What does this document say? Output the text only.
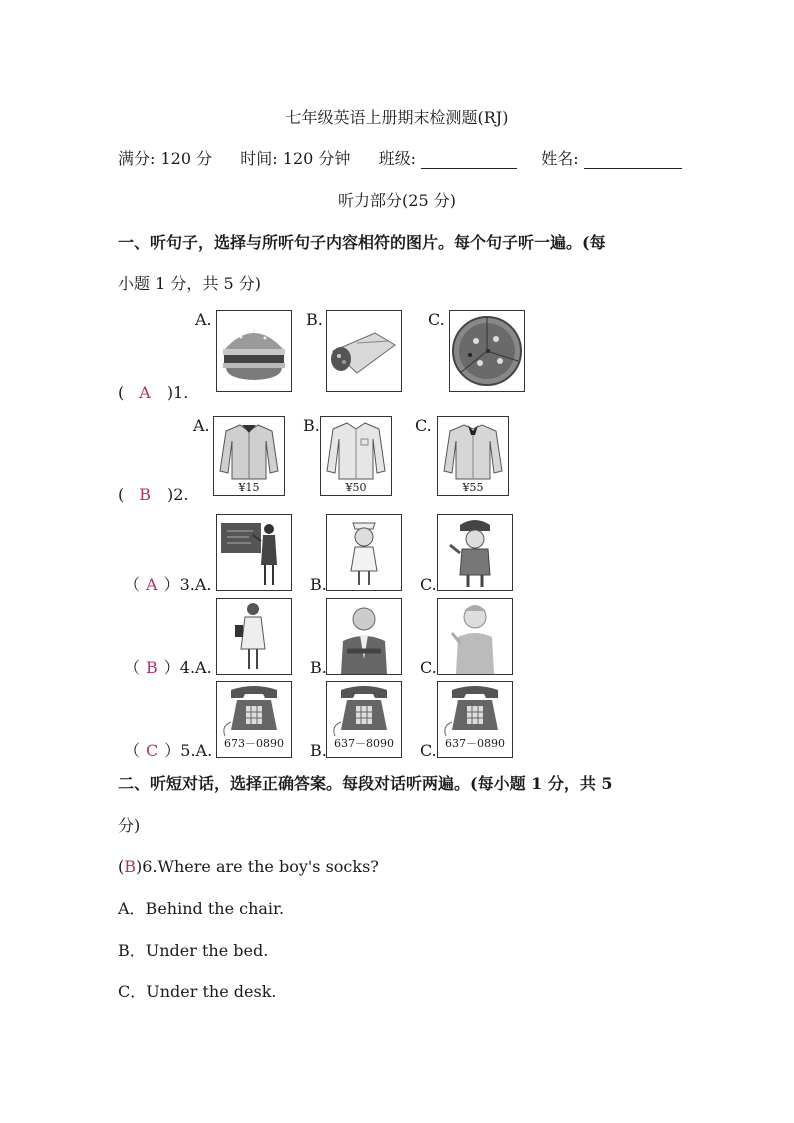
七年级英语上册期末检测题(RJ)
满分: 120 分 时间: 120 分钟 班级:	姓名:
听力部分(25 分)
一、听句子，选择与所听句子内容相符的图片。每个句子听一遍。(每
小题 1 分，共 5 分)
A.	B.	C.
( A )1.
A.	B.	C.
¥15	¥50	¥55
( B )2.
（ A ）3.A.	B.	C.
（ B ）4.A.	B.	C.
673－0890	637－8090	637－0890
（ C ）5.A.	B.	C.
二、听短对话，选择正确答案。每段对话听两遍。(每小题 1 分，共 5
分)
(B)6.Where are the boy's socks?
A．Behind the chair.
B．Under the bed.
C．Under the desk.
